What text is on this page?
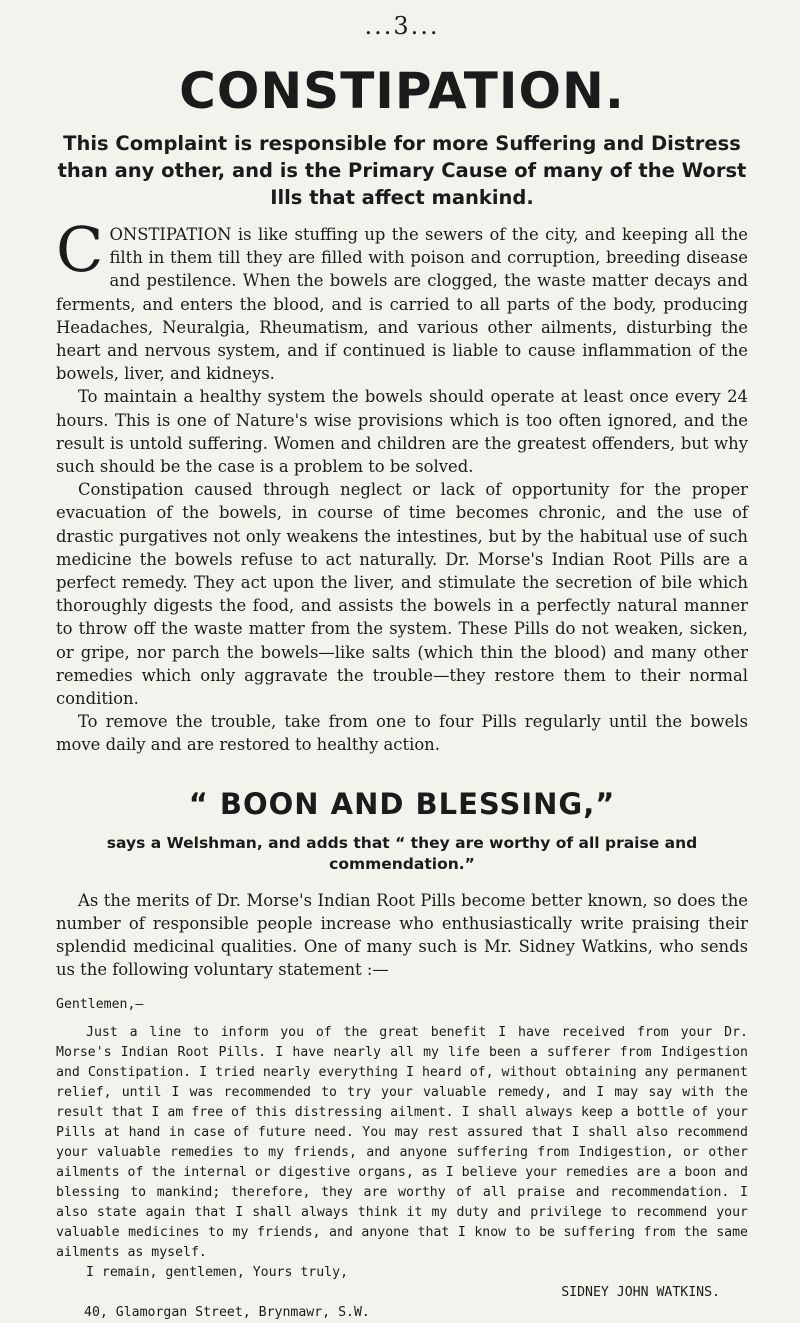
...3...
CONSTIPATION.
This Complaint is responsible for more Suffering and Distress than any other, and is the Primary Cause of many of the Worst Ills that affect mankind.

CONSTIPATION is like stuffing up the sewers of the city, and keeping all the filth in them till they are filled with poison and corruption, breeding disease and pestilence. When the bowels are clogged, the waste matter decays and ferments, and enters the blood, and is carried to all parts of the body, producing Headaches, Neuralgia, Rheumatism, and various other ailments, disturbing the heart and nervous system, and if continued is liable to cause inflammation of the bowels, liver, and kidneys.

To maintain a healthy system the bowels should operate at least once every 24 hours. This is one of Nature's wise provisions which is too often ignored, and the result is untold suffering. Women and children are the greatest offenders, but why such should be the case is a problem to be solved.

Constipation caused through neglect or lack of opportunity for the proper evacuation of the bowels, in course of time becomes chronic, and the use of drastic purgatives not only weakens the intestines, but by the habitual use of such medicine the bowels refuse to act naturally. Dr. Morse's Indian Root Pills are a perfect remedy. They act upon the liver, and stimulate the secretion of bile which thoroughly digests the food, and assists the bowels in a perfectly natural manner to throw off the waste matter from the system. These Pills do not weaken, sicken, or gripe, nor parch the bowels—like salts (which thin the blood) and many other remedies which only aggravate the trouble—they restore them to their normal condition.

To remove the trouble, take from one to four Pills regularly until the bowels move daily and are restored to healthy action.

“ BOON AND BLESSING,”
says a Welshman, and adds that “ they are worthy of all praise and commendation.”

As the merits of Dr. Morse's Indian Root Pills become better known, so does the number of responsible people increase who enthusiastically write praising their splendid medicinal qualities. One of many such is Mr. Sidney Watkins, who sends us the following voluntary statement :—

Gentlemen,—

Just a line to inform you of the great benefit I have received from your Dr. Morse's Indian Root Pills. I have nearly all my life been a sufferer from Indigestion and Constipation. I tried nearly everything I heard of, without obtaining any permanent relief, until I was recommended to try your valuable remedy, and I may say with the result that I am free of this distressing ailment. I shall always keep a bottle of your Pills at hand in case of future need. You may rest assured that I shall also recommend your valuable remedies to my friends, and anyone suffering from Indigestion, or other ailments of the internal or digestive organs, as I believe your remedies are a boon and blessing to mankind; therefore, they are worthy of all praise and recommendation. I also state again that I shall always think it my duty and privilege to recommend your valuable medicines to my friends, and anyone that I know to be suffering from the same ailments as myself.

I remain, gentlemen, Yours truly,

SIDNEY JOHN WATKINS.

40, Glamorgan Street, Brynmawr, S.W.
